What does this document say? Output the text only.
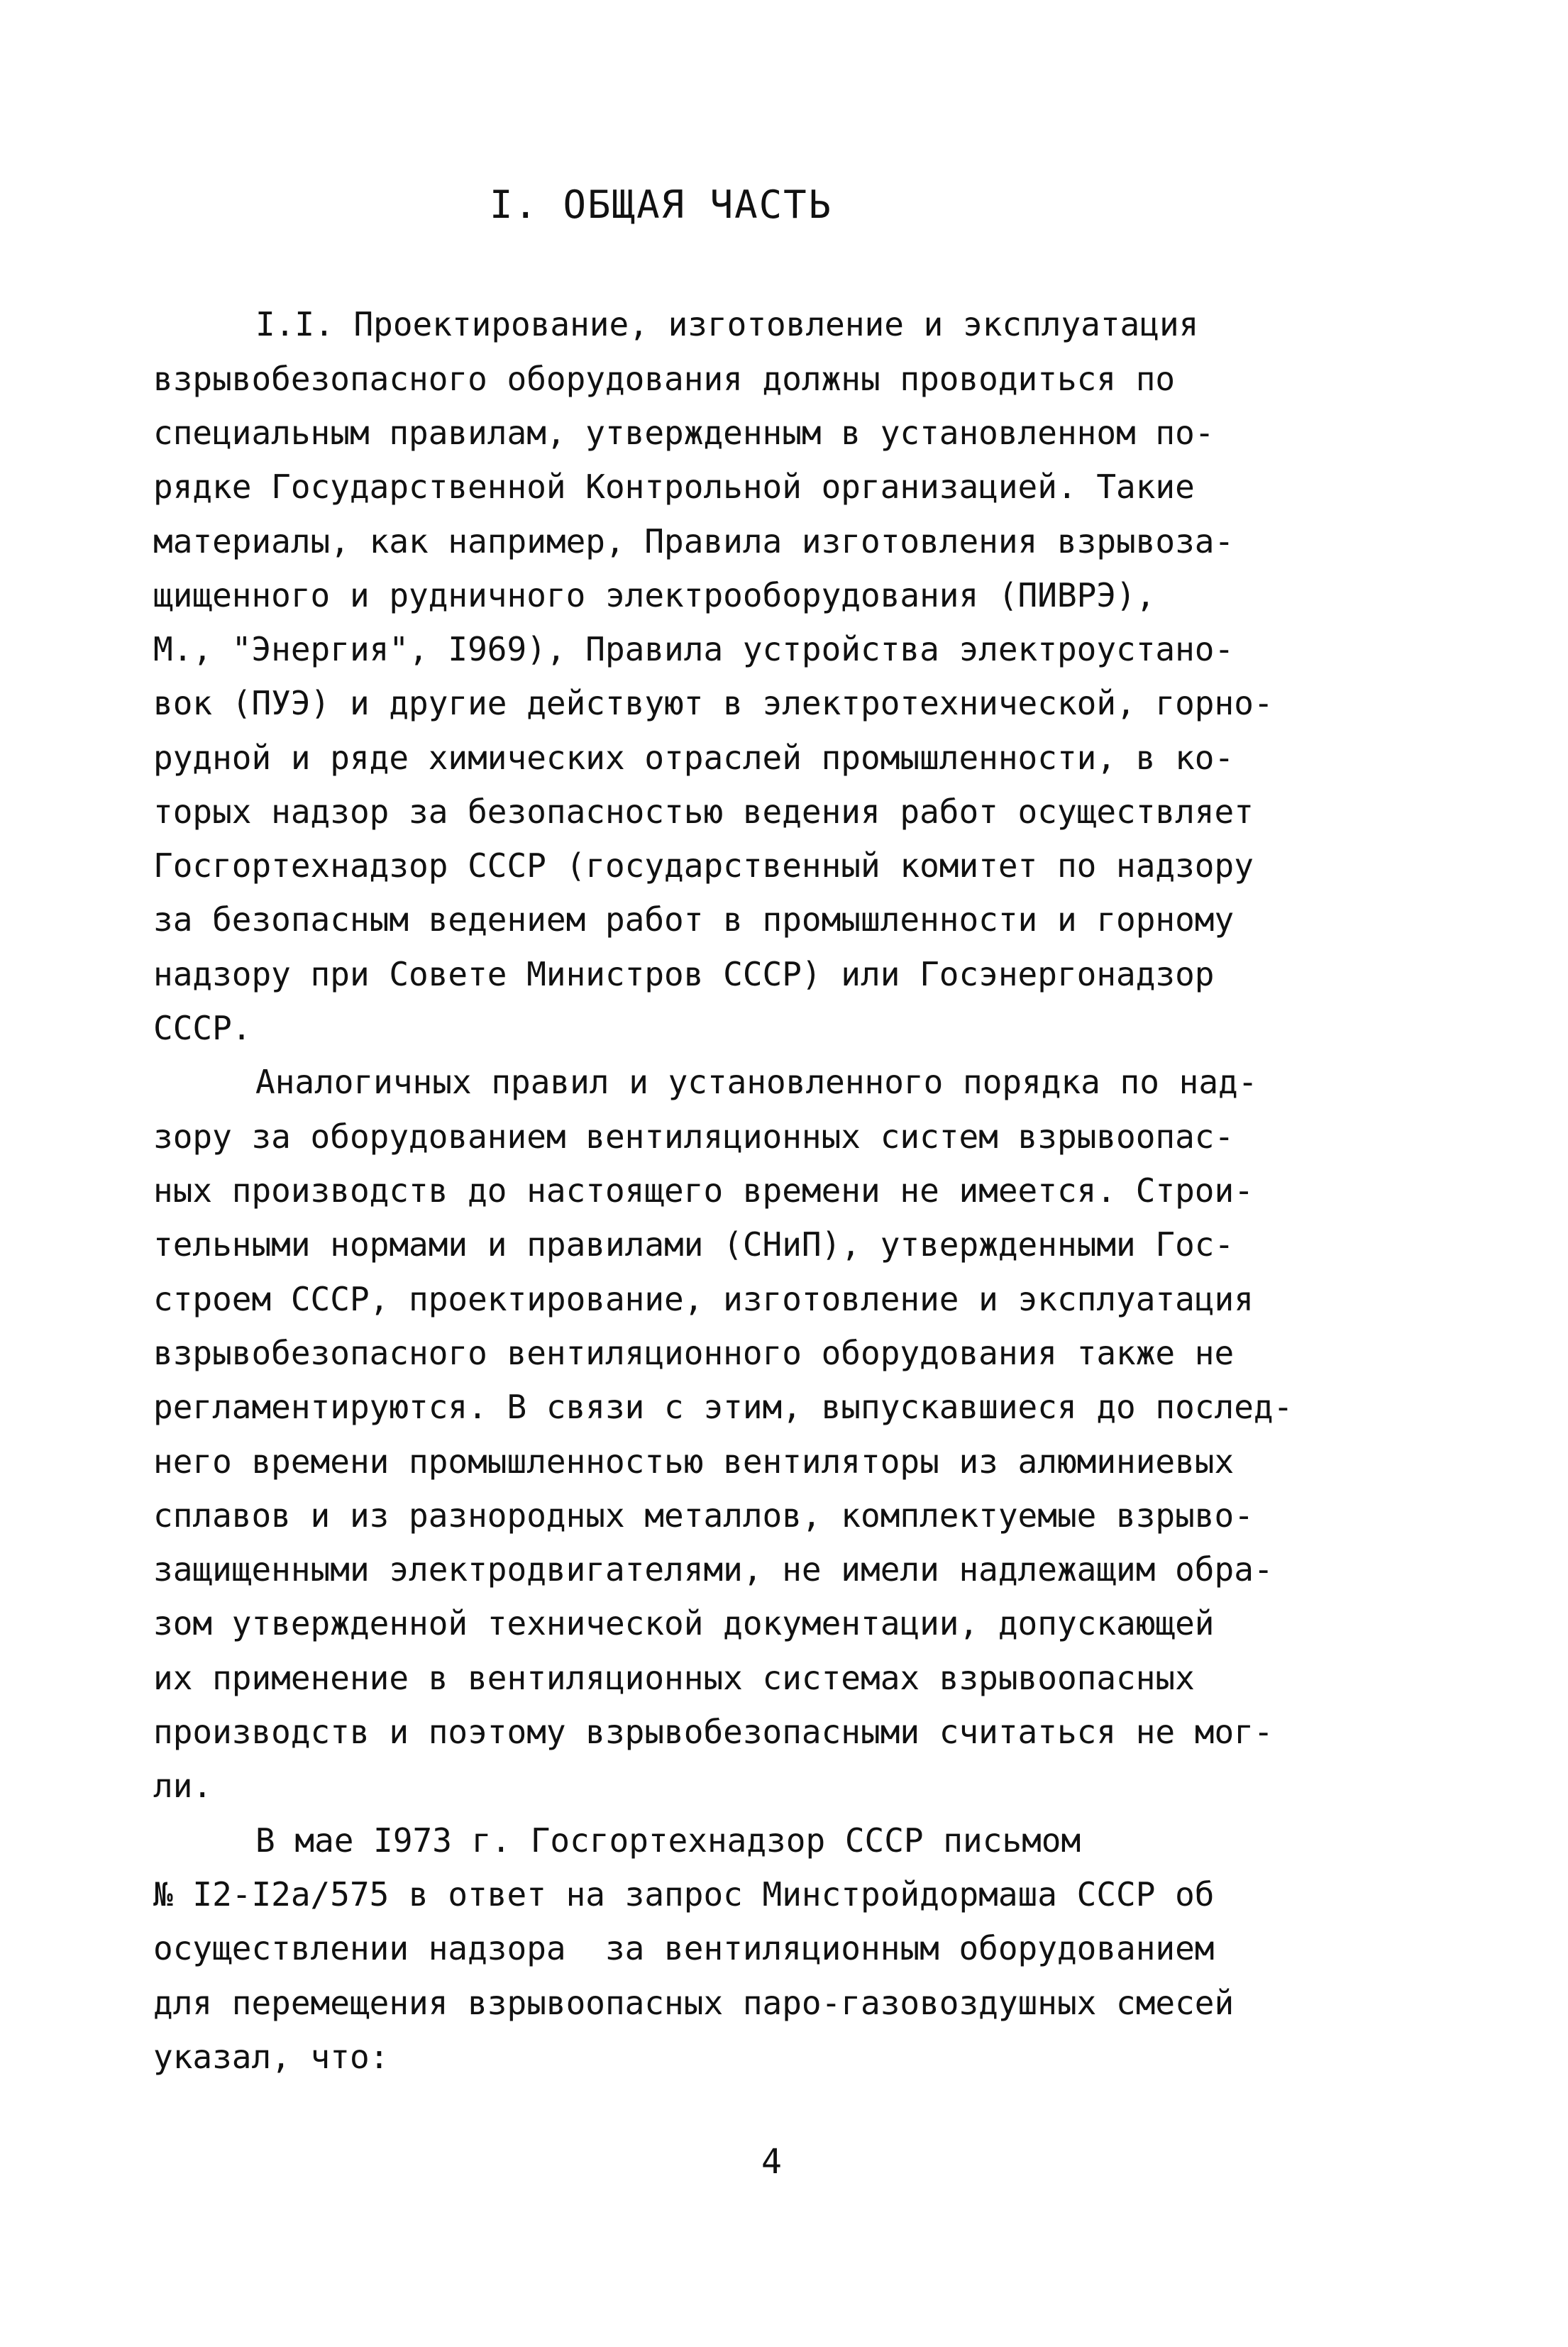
I. ОБЩАЯ ЧАСТЬ
I.I. Проектирование, изготовление и эксплуатация
взрывобезопасного оборудования должны проводиться по
специальным правилам, утвержденным в установленном по-
рядке Государственной Контрольной организацией. Такие
материалы, как например, Правила изготовления взрывоза-
щищенного и рудничного электрооборудования (ПИВРЭ),
М., "Энергия", I969), Правила устройства электроустано-
вок (ПУЭ) и другие действуют в электротехнической, горно-
рудной и ряде химических отраслей промышленности, в ко-
торых надзор за безопасностью ведения работ осуществляет
Госгортехнадзор СССР (государственный комитет по надзору
за безопасным ведением работ в промышленности и горному
надзору при Совете Министров СССР) или Госэнергонадзор
СССР.
Аналогичных правил и установленного порядка по над-
зору за оборудованием вентиляционных систем взрывоопас-
ных производств до настоящего времени не имеется. Строи-
тельными нормами и правилами (СНиП), утвержденными Гос-
строем СССР, проектирование, изготовление и эксплуатация
взрывобезопасного вентиляционного оборудования также не
регламентируются. В связи с этим, выпускавшиеся до послед-
него времени промышленностью вентиляторы из алюминиевых
сплавов и из разнородных металлов, комплектуемые взрыво-
защищенными электродвигателями, не имели надлежащим обра-
зом утвержденной технической документации, допускающей
их применение в вентиляционных системах взрывоопасных
производств и поэтому взрывобезопасными считаться не мог-
ли.
В мае I973 г. Госгортехнадзор СССР письмом
№ I2-I2а/575 в ответ на запрос Минстройдормаша СССР об
осуществлении надзора  за вентиляционным оборудованием
для перемещения взрывоопасных паро-газовоздушных смесей
указал, что:
4
